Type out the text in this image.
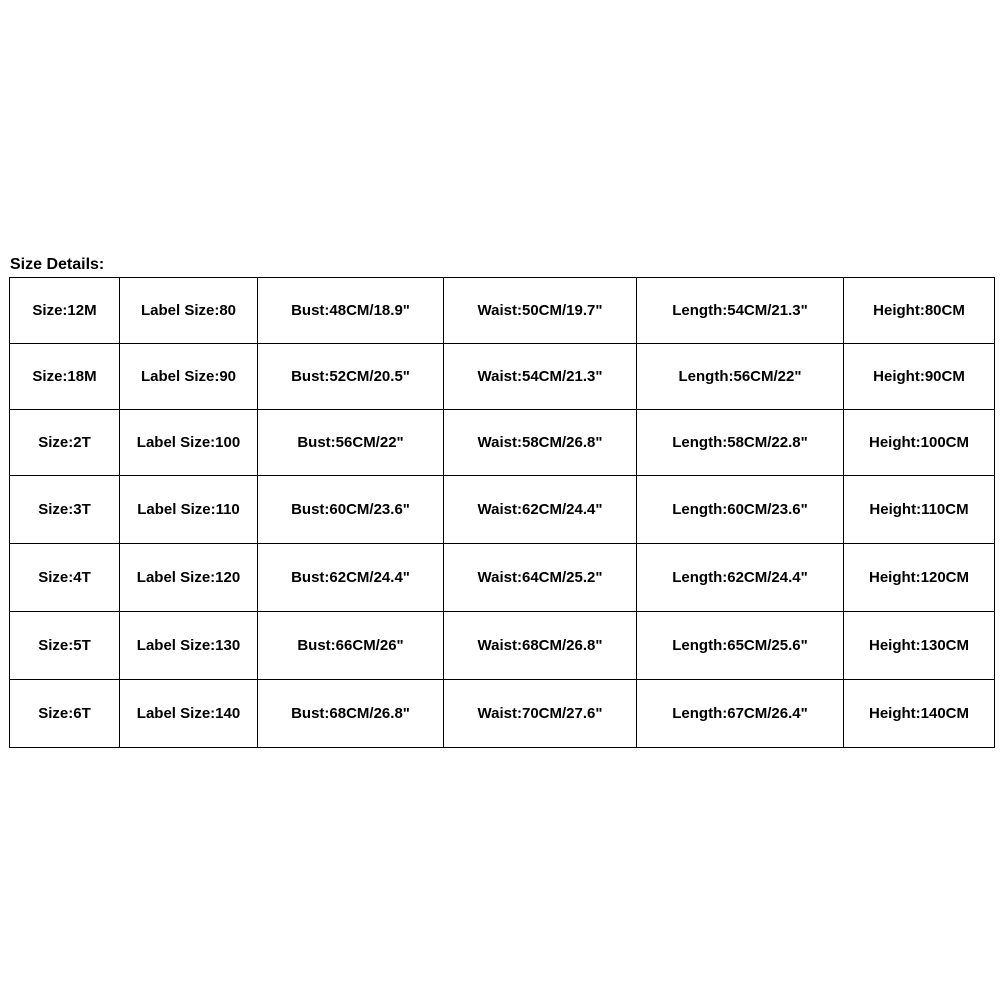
Size Details:

Size:12M	Label Size:80	Bust:48CM/18.9"	Waist:50CM/19.7"	Length:54CM/21.3"	Height:80CM
Size:18M	Label Size:90	Bust:52CM/20.5"	Waist:54CM/21.3"	Length:56CM/22"	Height:90CM
Size:2T	Label Size:100	Bust:56CM/22"	Waist:58CM/26.8"	Length:58CM/22.8"	Height:100CM
Size:3T	Label Size:110	Bust:60CM/23.6"	Waist:62CM/24.4"	Length:60CM/23.6"	Height:110CM
Size:4T	Label Size:120	Bust:62CM/24.4"	Waist:64CM/25.2"	Length:62CM/24.4"	Height:120CM
Size:5T	Label Size:130	Bust:66CM/26"	Waist:68CM/26.8"	Length:65CM/25.6"	Height:130CM
Size:6T	Label Size:140	Bust:68CM/26.8"	Waist:70CM/27.6"	Length:67CM/26.4"	Height:140CM
